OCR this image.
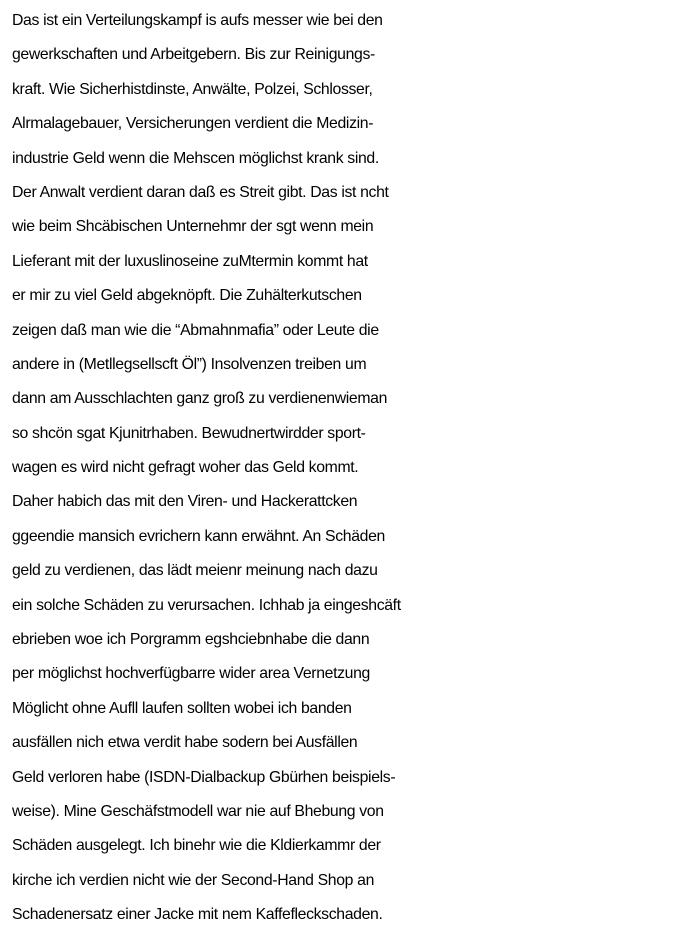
Das ist ein Verteilungskampf is aufs messer wie bei den
gewerkschaften und Arbeitgebern. Bis zur Reinigungs-
kraft. Wie Sicherhistdinste, Anwälte, Polzei, Schlosser,
Alrmalagebauer, Versicherungen verdient die Medizin-
industrie Geld wenn die Mehscen möglichst krank sind.
Der Anwalt verdient daran daß es Streit gibt. Das ist ncht
wie beim Shcäbischen Unternehmr der sgt wenn mein
Lieferant mit der luxuslinoseine zuMtermin kommt hat
er mir zu viel Geld abgeknöpft. Die Zuhälterkutschen
zeigen daß man wie die “Abmahnmafia” oder Leute die
andere in (Metllegsellscft Öl”) Insolvenzen treiben um
dann am Ausschlachten ganz groß zu verdienenwieman
so shcön sgat Kjunitrhaben. Bewudnertwirdder sport-
wagen es wird nicht gefragt woher das Geld kommt.
Daher habich das mit den Viren- und Hackerattcken
ggeendie mansich evrichern kann erwähnt. An Schäden
geld zu verdienen, das lädt meienr meinung nach dazu
ein solche Schäden zu verursachen. Ichhab ja eingeshcäft
ebrieben woe ich Porgramm egshciebnhabe die dann
per möglichst hochverfügbarre wider area Vernetzung
Möglicht ohne Aufll laufen sollten wobei ich banden
ausfällen nich etwa verdit habe sodern bei Ausfällen
Geld verloren habe (ISDN-Dialbackup Gbürhen beispiels-
weise). Mine Geschäfstmodell war nie auf Bhebung von
Schäden ausgelegt. Ich binehr wie die Kldierkammr der
kirche ich verdien nicht wie der Second-Hand Shop an
Schadenersatz einer Jacke mit nem Kaffefleckschaden.
